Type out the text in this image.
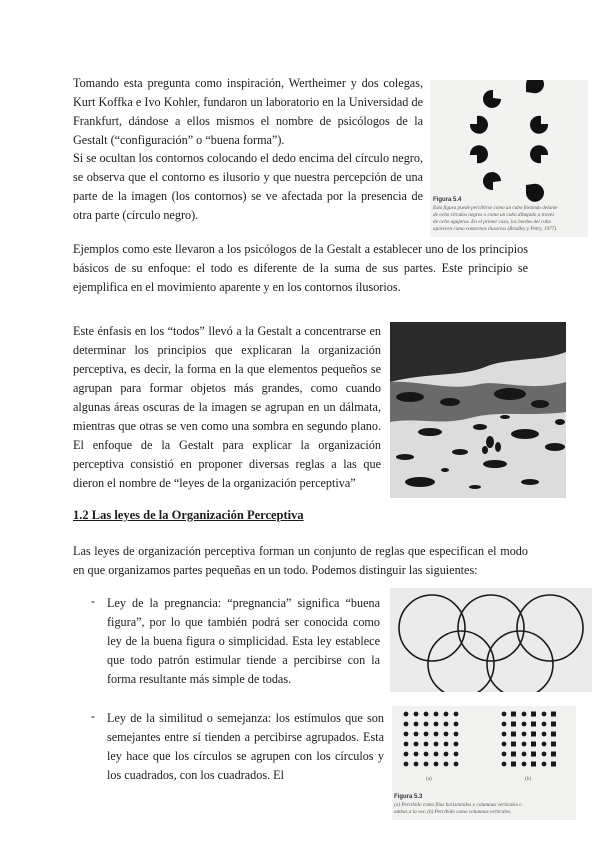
Tomando esta pregunta como inspiración, Wertheimer y dos colegas, Kurt Koffka e Ivo Kohler, fundaron un laboratorio en la Universidad de Frankfurt, dándose a ellos mismos el nombre de psicólogos de la Gestalt (“configuración” o “buena forma”).

Si se ocultan los contornos colocando el dedo encima del círculo negro, se observa que el contorno es ilusorio y que nuestra percepción de una parte de la imagen (los contornos) se ve afectada por la presencia de otra parte (círculo negro).

Ejemplos como este llevaron a los psicólogos de la Gestalt a establecer uno de los principios básicos de su enfoque: el todo es diferente de la suma de sus partes. Este principio se ejemplifica en el movimiento aparente y en los contornos ilusorios.

Este énfasis en los “todos” llevó a la Gestalt a concentrarse en determinar los principios que explicaran la organización perceptiva, es decir, la forma en la que elementos pequeños se agrupan para formar objetos más grandes, como cuando algunas áreas oscuras de la imagen se agrupan en un dálmata, mientras que otras se ven como una sombra en segundo plano. El enfoque de la Gestalt para explicar la organización perceptiva consistió en proponer diversas reglas a las que dieron el nombre de “leyes de la organización perceptiva”

1.2 Las leyes de la Organización Perceptiva

Las leyes de organización perceptiva forman un conjunto de reglas que especifican el modo en que organizamos partes pequeñas en un todo. Podemos distinguir las siguientes:

- Ley de la pregnancia: “pregnancia” significa “buena figura”, por lo que también podrá ser conocida como ley de la buena figura o simplicidad. Esta ley establece que todo patrón estimular tiende a percibirse con la forma resultante más simple de todas.

- Ley de la similitud o semejanza: los estímulos que son semejantes entre sí tienden a percibirse agrupados. Esta ley hace que los círculos se agrupen con los círculos y los cuadrados, con los cuadrados. El

Figura 5.4
Esta figura puede percibirse como un cubo flotando delante
de ocho círculos negros o como un cubo dibujado a través
de ocho agujeros. En el primer caso, los bordes del cubo
aparecen como contornos ilusorios (Bradley y Petry, 1977).
(a)	(b)
Figura 5.3
(a) Percibido como filas horizontales o columnas verticales o
ambas a la vez. (b) Percibido como columnas verticales.
